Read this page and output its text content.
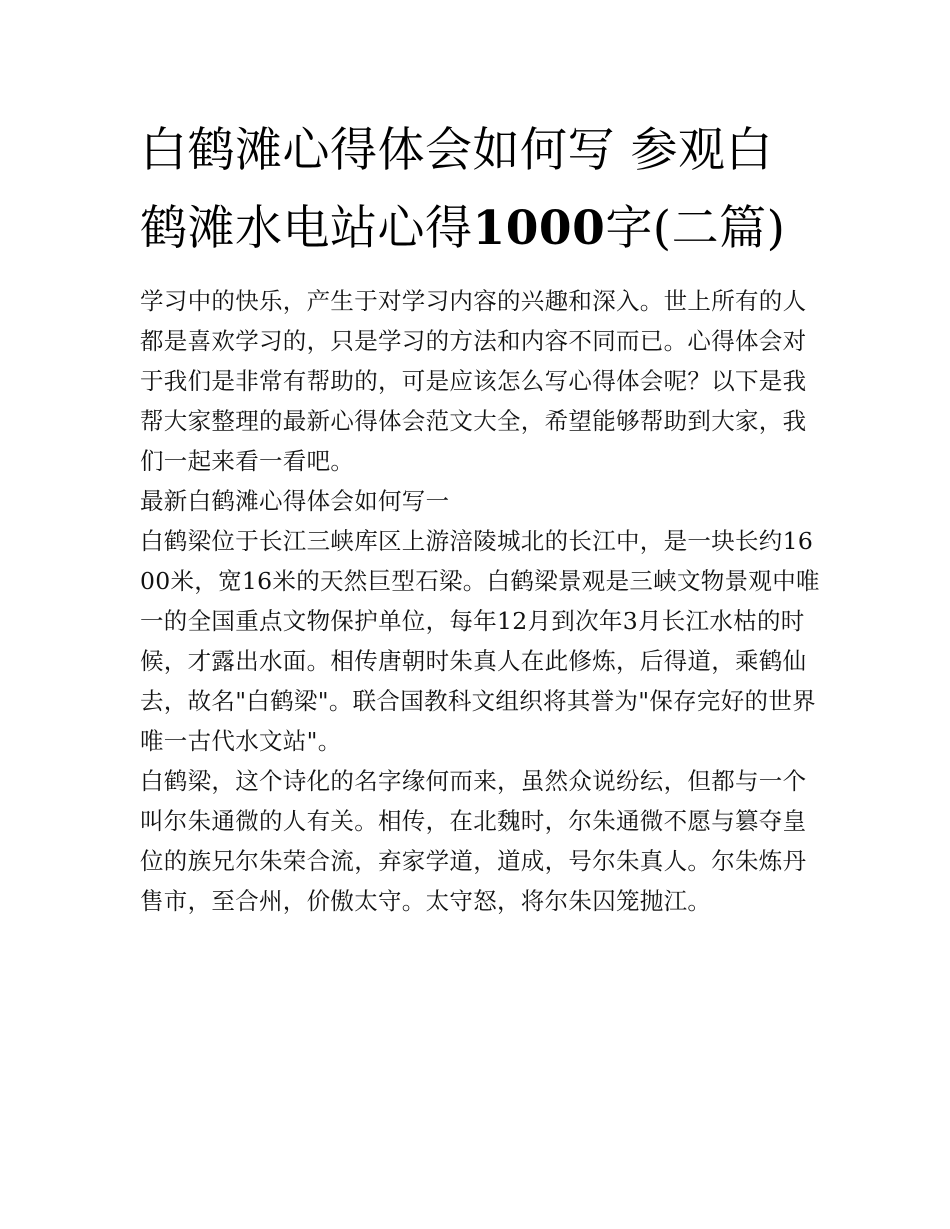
白鹤滩心得体会如何写 参观白鹤滩水电站心得1000字(二篇)

学习中的快乐，产生于对学习内容的兴趣和深入。世上所有的人都是喜欢学习的，只是学习的方法和内容不同而已。心得体会对于我们是非常有帮助的，可是应该怎么写心得体会呢？以下是我帮大家整理的最新心得体会范文大全，希望能够帮助到大家，我们一起来看一看吧。

最新白鹤滩心得体会如何写一

白鹤梁位于长江三峡库区上游涪陵城北的长江中，是一块长约1600米，宽16米的天然巨型石梁。白鹤梁景观是三峡文物景观中唯一的全国重点文物保护单位，每年12月到次年3月长江水枯的时候，才露出水面。相传唐朝时朱真人在此修炼，后得道，乘鹤仙去，故名"白鹤梁"。联合国教科文组织将其誉为"保存完好的世界唯一古代水文站"。

白鹤梁，这个诗化的名字缘何而来，虽然众说纷纭，但都与一个叫尔朱通微的人有关。相传，在北魏时，尔朱通微不愿与篡夺皇位的族兄尔朱荣合流，弃家学道，道成，号尔朱真人。尔朱炼丹售市，至合州，价傲太守。太守怒，将尔朱囚笼抛江。
